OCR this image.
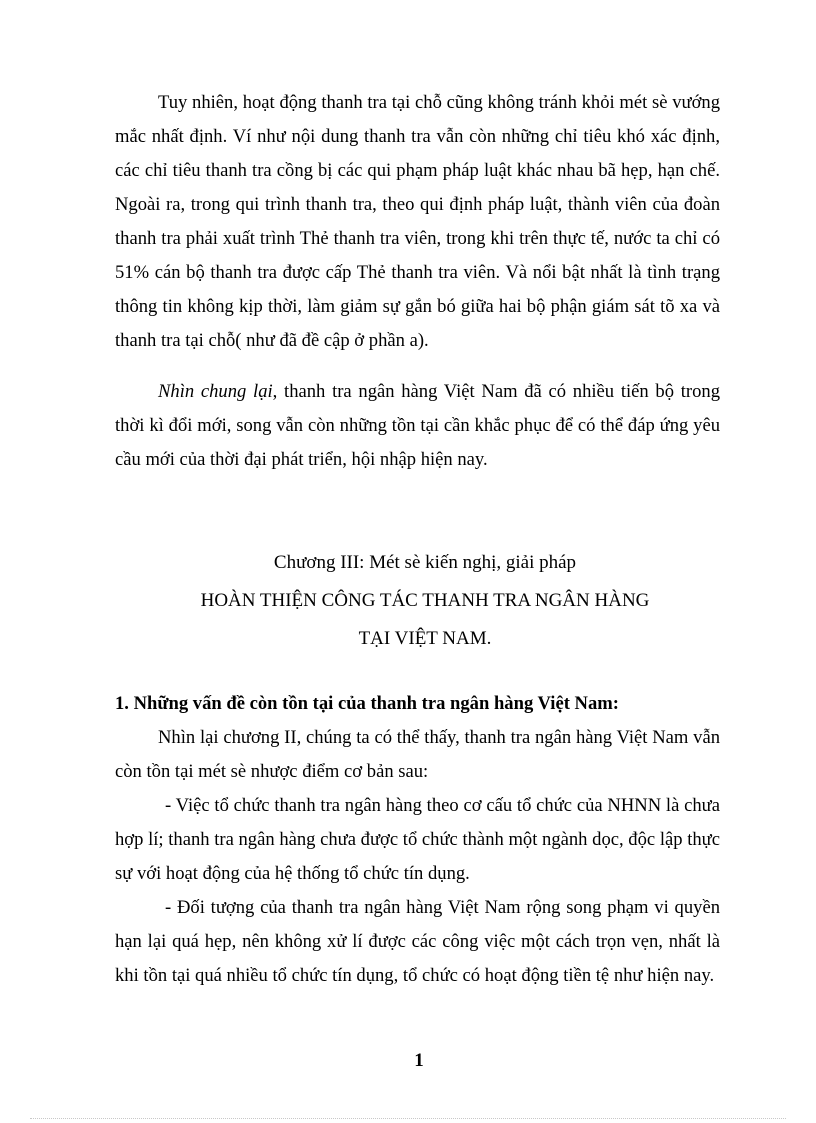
Tuy nhiên, hoạt động thanh tra tại chỗ cũng không tránh khỏi mét sè vướng mắc nhất định. Ví như nội dung thanh tra vẫn còn những chỉ tiêu khó xác định, các chỉ tiêu thanh tra cồng bị các qui phạm pháp luật khác nhau bã hẹp, hạn chế. Ngoài ra, trong qui trình thanh tra, theo qui định pháp luật, thành viên của đoàn thanh tra phải xuất trình Thẻ thanh tra viên, trong khi trên thực tế, nước ta chỉ có 51% cán bộ thanh tra được cấp Thẻ thanh tra viên. Và nổi bật nhất là tình trạng thông tin không kịp thời, làm giảm sự gắn bó giữa hai bộ phận giám sát tõ xa và thanh tra tại chỗ( như đã đề cập ở phần a).

Nhìn chung lại, thanh tra ngân hàng Việt Nam đã có nhiều tiến bộ trong thời kì đổi mới, song vẫn còn những tồn tại cần khắc phục để có thể đáp ứng yêu cầu mới của thời đại phát triển, hội nhập hiện nay.

Chương III: Mét sè kiến nghị, giải pháp
HOÀN THIỆN CÔNG TÁC THANH TRA NGÂN HÀNG
TẠI VIỆT NAM.

1. Những vấn đề còn tồn tại của thanh tra ngân hàng Việt Nam:

Nhìn lại chương II, chúng ta có thể thấy, thanh tra ngân hàng Việt Nam vẫn còn tồn tại mét sè nhược điểm cơ bản sau:

- Việc tổ chức thanh tra ngân hàng theo cơ cấu tổ chức của NHNN là chưa hợp lí; thanh tra ngân hàng chưa được tổ chức thành một ngành dọc, độc lập thực sự với hoạt động của hệ thống tổ chức tín dụng.

- Đối tượng của thanh tra ngân hàng Việt Nam rộng song phạm vi quyền hạn lại quá hẹp, nên không xử lí được các công việc một cách trọn vẹn, nhất là khi tồn tại quá nhiều tổ chức tín dụng, tổ chức có hoạt động tiền tệ như hiện nay.

1
